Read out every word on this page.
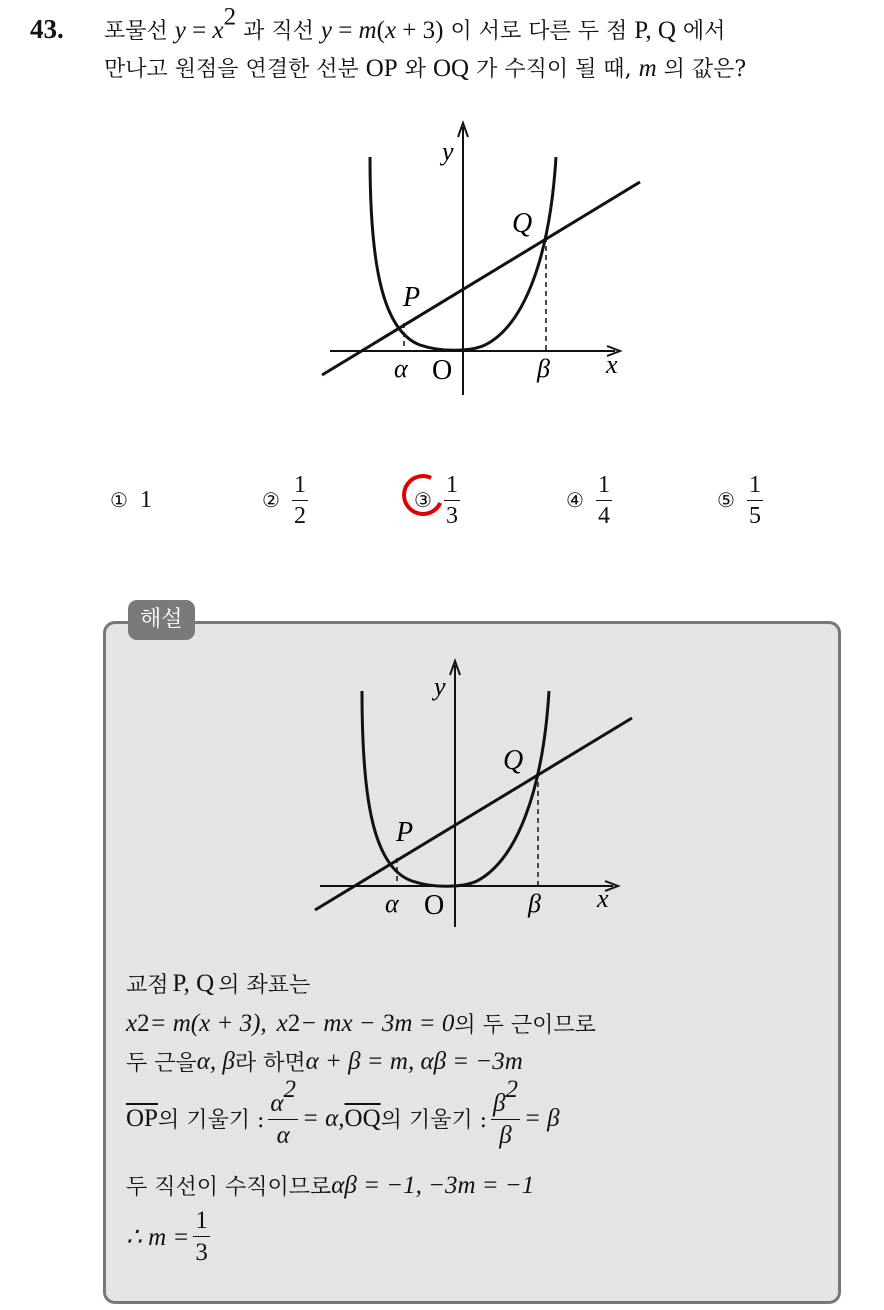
43. 포물선 $y = x^2$ 과 직선 y = m(x + 3) 이 서로 다른 두 점 P, Q 에서
만나고 원점을 연결한 선분 OP 와 OQ 가 수직이 될 때, m 의 값은?
y
x
O
P
Q
α	β
① 1	② $\frac{1}{2}$	③ $\frac{1}{3}$	④ $\frac{1}{4}$	⑤ $\frac{1}{5}$
해설
y
x
O
P
Q
α	β
교점 P, Q 의 좌표는
x 2 = m(x + 3), x 2 − mx − 3m = 0 의 두 근이므로
두 근을 α, β 라 하면 α + β = m, αβ = −3m
$\overline{OP}$ 의 기울기 : $\frac{\alpha^2}{\alpha} = \alpha$, $\overline{OQ}$ 의 기울기 : $\frac{\beta^2}{\beta} = \beta$
두 직선이 수직이므로 αβ = −1, −3m = −1
∴ $m = \frac{1}{3}$
